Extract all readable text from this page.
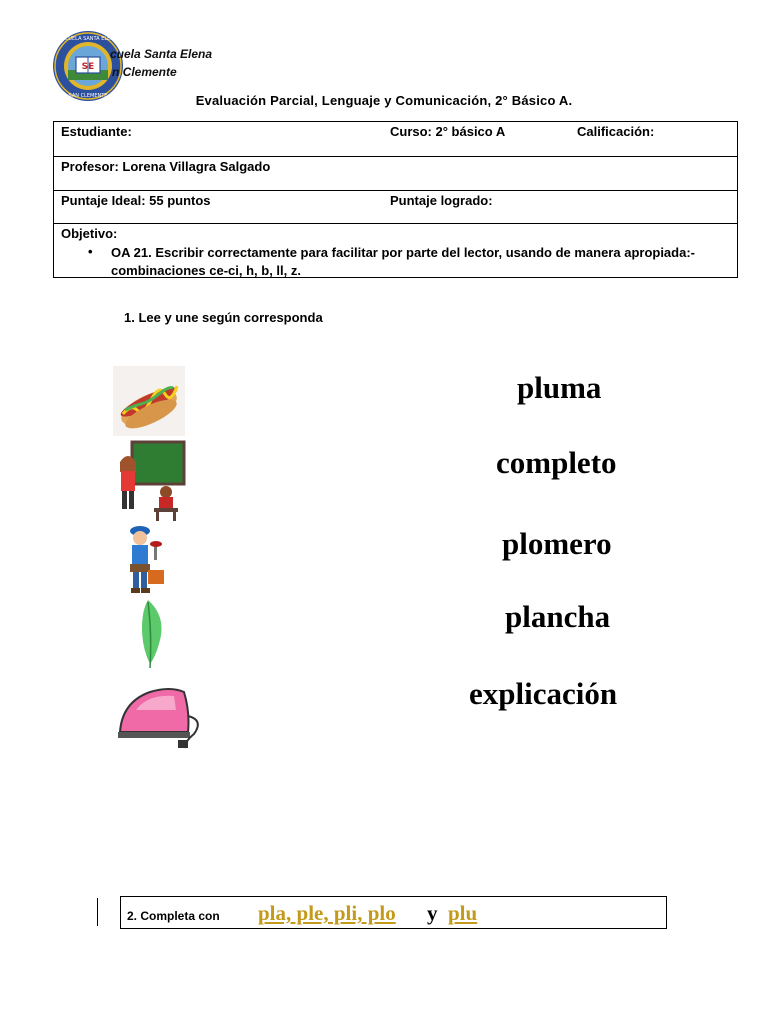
SE
ESCUELA SANTA ELENA
SAN CLEMENTE
cuela Santa Elena
n Clemente
Evaluación Parcial, Lenguaje y Comunicación, 2° Básico A.
Estudiante:	Curso: 2° básico A	Calificación:
Profesor: Lorena Villagra Salgado
Puntaje Ideal: 55 puntos	Puntaje logrado:
Objetivo:
• OA 21. Escribir correctamente para facilitar por parte del lector, usando de manera apropiada:-combinaciones ce-ci, h, b, ll, z.
1. Lee y une según corresponda
pluma
completo
plomero
plancha
explicación
2. Completa con pla, ple, pli, plo y plu
